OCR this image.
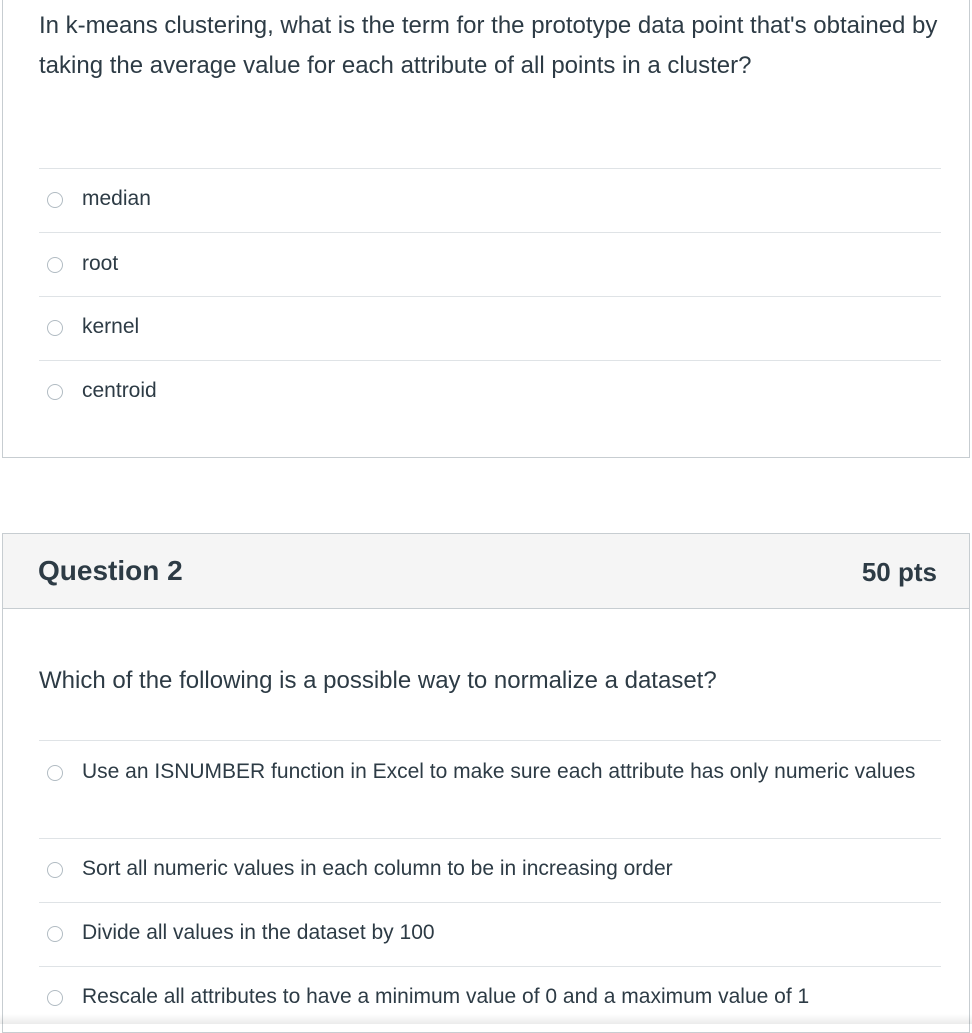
In k-means clustering, what is the term for the prototype data point that's obtained by taking the average value for each attribute of all points in a cluster?

median
root
kernel
centroid
Question 2	50 pts

Which of the following is a possible way to normalize a dataset?

Use an ISNUMBER function in Excel to make sure each attribute has only numeric values
Sort all numeric values in each column to be in increasing order
Divide all values in the dataset by 100
Rescale all attributes to have a minimum value of 0 and a maximum value of 1
